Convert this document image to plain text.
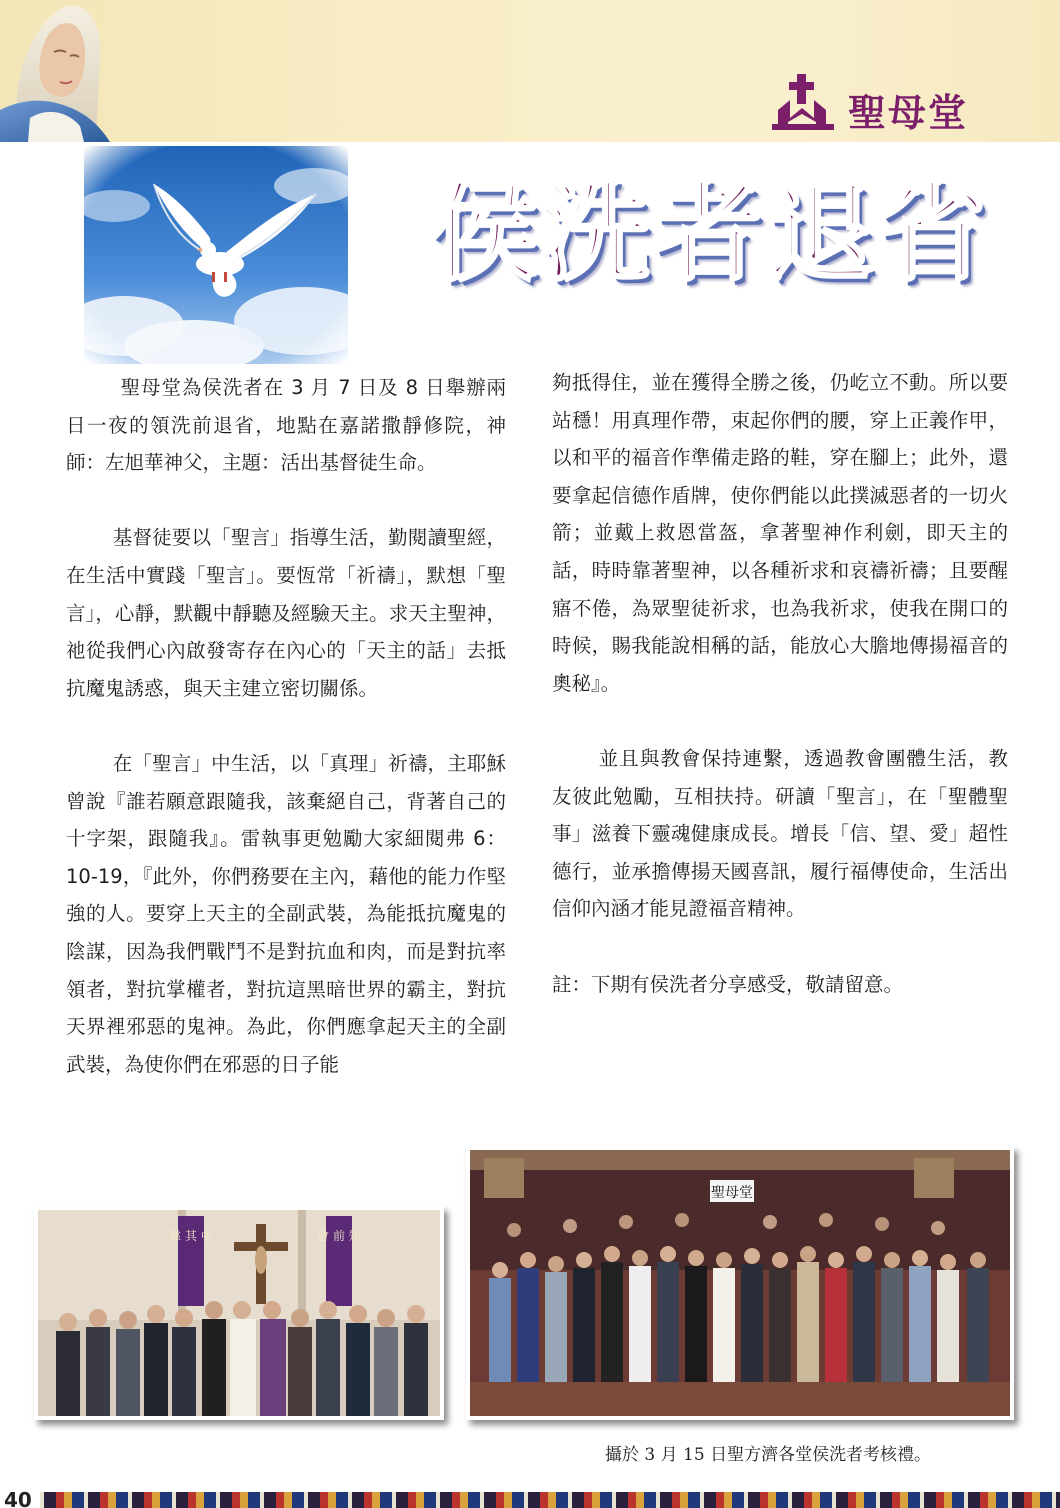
聖母堂
侯洗者退省

聖母堂為侯洗者在 3 月 7 日及 8 日舉辦兩日一夜的領洗前退省，地點在嘉諾撒靜修院，神師：左旭華神父，主題：活出基督徒生命。

基督徒要以「聖言」指導生活，勤閱讀聖經，在生活中實踐「聖言」。要恆常「祈禱」，默想「聖言」，心靜，默觀中靜聽及經驗天主。求天主聖神，祂從我們心內啟發寄存在內心的「天主的話」去抵抗魔鬼誘惑，與天主建立密切關係。

在「聖言」中生活，以「真理」祈禱，主耶穌曾說『誰若願意跟隨我，該棄絕自己，背著自己的十字架，跟隨我』。雷執事更勉勵大家細閱弗 6：10-19，『此外，你們務要在主內，藉他的能力作堅強的人。要穿上天主的全副武裝，為能抵抗魔鬼的陰謀，因為我們戰鬥不是對抗血和肉，而是對抗率領者，對抗掌權者，對抗這黑暗世界的霸主，對抗天界裡邪惡的鬼神。為此，你們應拿起天主的全副武裝，為使你們在邪惡的日子能

夠抵得住，並在獲得全勝之後，仍屹立不動。所以要站穩！用真理作帶，束起你們的腰，穿上正義作甲，以和平的福音作準備走路的鞋，穿在腳上；此外，還要拿起信德作盾牌，使你們能以此撲滅惡者的一切火箭；並戴上救恩當盔，拿著聖神作利劍，即天主的話，時時靠著聖神，以各種祈求和哀禱祈禱；且要醒寤不倦，為眾聖徒祈求，也為我祈求，使我在開口的時候，賜我能說相稱的話，能放心大膽地傳揚福音的奧秘』。

並且與教會保持連繫，透過教會團體生活，教友彼此勉勵，互相扶持。研讀「聖言」，在「聖體聖事」滋養下靈魂健康成長。增長「信、望、愛」超性德行，並承擔傳揚天國喜訊，履行福傳使命，生活出信仰內涵才能見證福音精神。

註：下期有侯洗者分享感受，敬請留意。

靠 其 中	會 前 知
聖母堂
攝於 3 月 15 日聖方濟各堂侯洗者考核禮。
40
